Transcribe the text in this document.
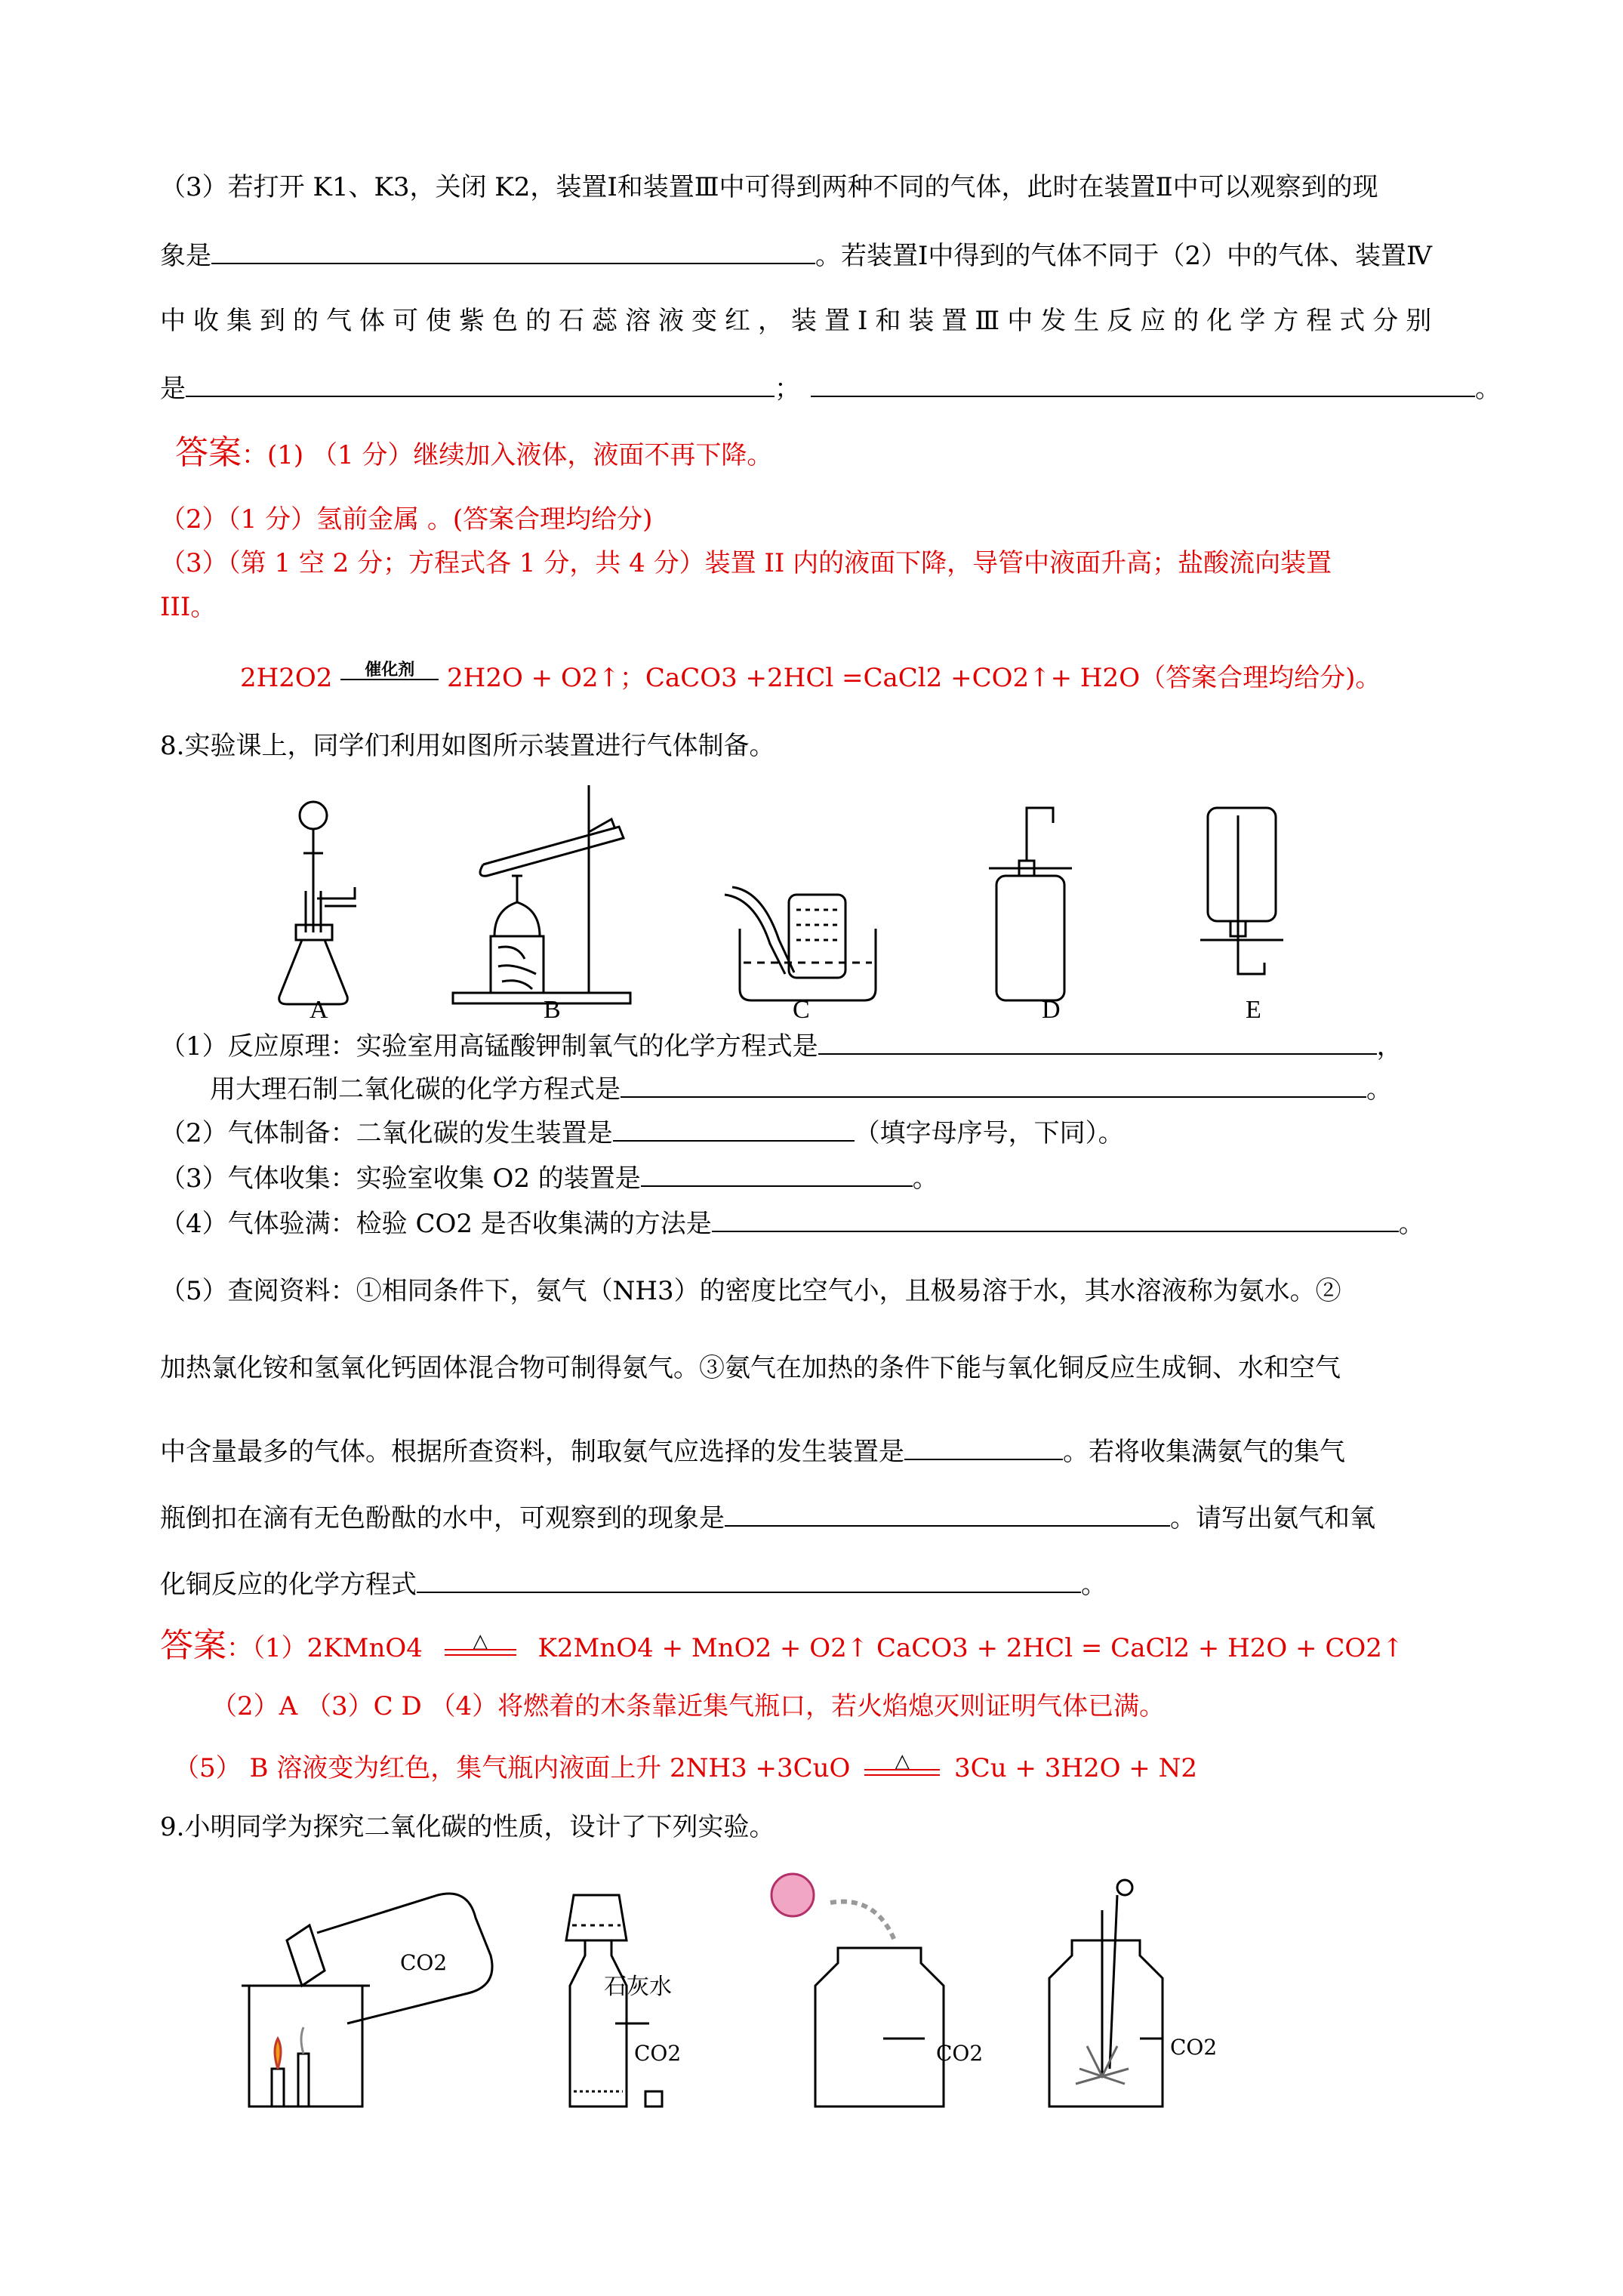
（3）若打开 K1、K3，关闭 K2，装置Ⅰ和装置Ⅲ中可得到两种不同的气体，此时在装置Ⅱ中可以观察到的现
象是	。若装置Ⅰ中得到的气体不同于（2）中的气体、装置Ⅳ
中收集到的气体可使紫色的石蕊溶液变红，装置Ⅰ和装置Ⅲ中发生反应的化学方程式分别
是	；	。
答案：(1) （1 分）继续加入液体，液面不再下降。
（2）（1 分）氢前金属 。(答案合理均给分)
（3）（第 1 空 2 分；方程式各 1 分，共 4 分）装置 II 内的液面下降，导管中液面升高；盐酸流向装置
III。
2H2O2	催化剂	2H2O + O2↑；CaCO3 +2HCl =CaCl2 +CO2↑+ H2O（答案合理均给分)。
8.实验课上，同学们利用如图所示装置进行气体制备。
A	B	C	D	E
（1）反应原理：实验室用高锰酸钾制氧气的化学方程式是	，
用大理石制二氧化碳的化学方程式是	。
（2）气体制备：二氧化碳的发生装置是	（填字母序号，下同）。
（3）气体收集：实验室收集 O2 的装置是	。
（4）气体验满：检验 CO2 是否收集满的方法是	。
（5）查阅资料：①相同条件下，氨气（NH3）的密度比空气小，且极易溶于水，其水溶液称为氨水。②
加热氯化铵和氢氧化钙固体混合物可制得氨气。③氨气在加热的条件下能与氧化铜反应生成铜、水和空气
中含量最多的气体。根据所查资料，制取氨气应选择的发生装置是	。若将收集满氨气的集气
瓶倒扣在滴有无色酚酞的水中，可观察到的现象是	。请写出氨气和氧
化铜反应的化学方程式	。
答案：（1）2KMnO4	△	K2MnO4 + MnO2 + O2↑ CaCO3 + 2HCl = CaCl2 + H2O + CO2↑
（2）A （3）C D （4）将燃着的木条靠近集气瓶口，若火焰熄灭则证明气体已满。
（5） B 溶液变为红色，集气瓶内液面上升 2NH3 +3CuO	△	3Cu + 3H2O + N2
9.小明同学为探究二氧化碳的性质，设计了下列实验。
CO2
石灰水
CO2	CO2	CO2
